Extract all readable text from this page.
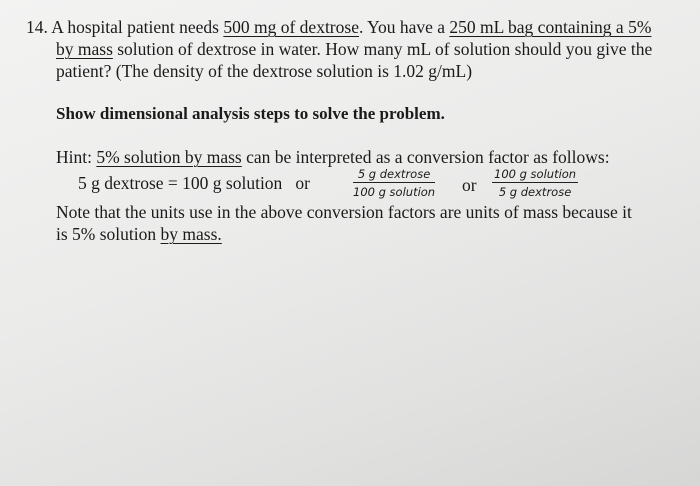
14. A hospital patient needs 500 mg of dextrose. You have a 250 mL bag containing a 5%
by mass solution of dextrose in water. How many mL of solution should you give the
patient? (The density of the dextrose solution is 1.02 g/mL)
Show dimensional analysis steps to solve the problem.
Hint: 5% solution by mass can be interpreted as a conversion factor as follows:
5 g dextrose = 100 g solution   or	5 g dextrose
100 g solution or
100 g solution
5 g dextrose
Note that the units use in the above conversion factors are units of mass because it
is 5% solution by mass.
